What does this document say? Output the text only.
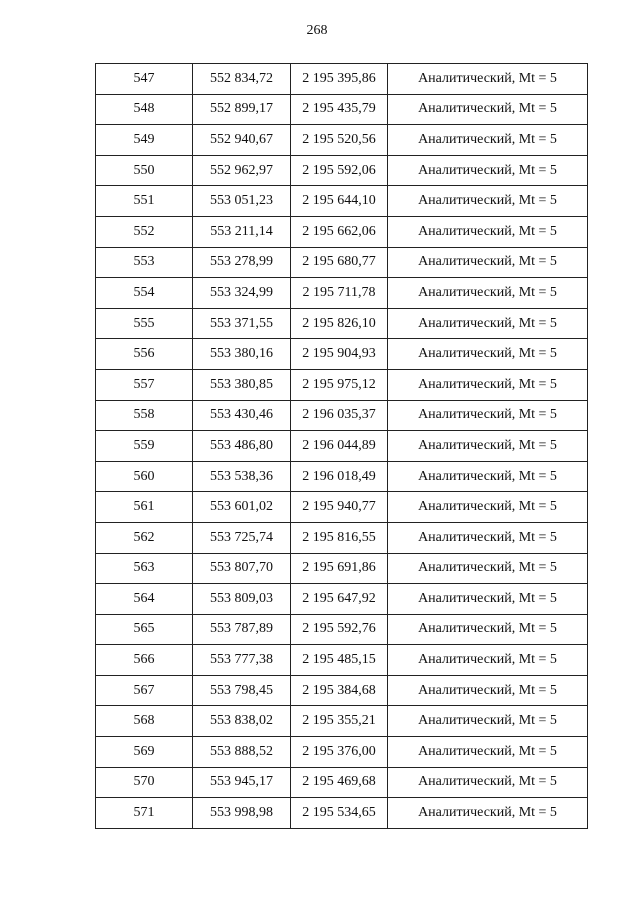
268
547	552 834,72	2 195 395,86	Аналитический, Mt = 5
548	552 899,17	2 195 435,79	Аналитический, Mt = 5
549	552 940,67	2 195 520,56	Аналитический, Mt = 5
550	552 962,97	2 195 592,06	Аналитический, Mt = 5
551	553 051,23	2 195 644,10	Аналитический, Mt = 5
552	553 211,14	2 195 662,06	Аналитический, Mt = 5
553	553 278,99	2 195 680,77	Аналитический, Mt = 5
554	553 324,99	2 195 711,78	Аналитический, Mt = 5
555	553 371,55	2 195 826,10	Аналитический, Mt = 5
556	553 380,16	2 195 904,93	Аналитический, Mt = 5
557	553 380,85	2 195 975,12	Аналитический, Mt = 5
558	553 430,46	2 196 035,37	Аналитический, Mt = 5
559	553 486,80	2 196 044,89	Аналитический, Mt = 5
560	553 538,36	2 196 018,49	Аналитический, Mt = 5
561	553 601,02	2 195 940,77	Аналитический, Mt = 5
562	553 725,74	2 195 816,55	Аналитический, Mt = 5
563	553 807,70	2 195 691,86	Аналитический, Mt = 5
564	553 809,03	2 195 647,92	Аналитический, Mt = 5
565	553 787,89	2 195 592,76	Аналитический, Mt = 5
566	553 777,38	2 195 485,15	Аналитический, Mt = 5
567	553 798,45	2 195 384,68	Аналитический, Mt = 5
568	553 838,02	2 195 355,21	Аналитический, Mt = 5
569	553 888,52	2 195 376,00	Аналитический, Mt = 5
570	553 945,17	2 195 469,68	Аналитический, Mt = 5
571	553 998,98	2 195 534,65	Аналитический, Mt = 5
